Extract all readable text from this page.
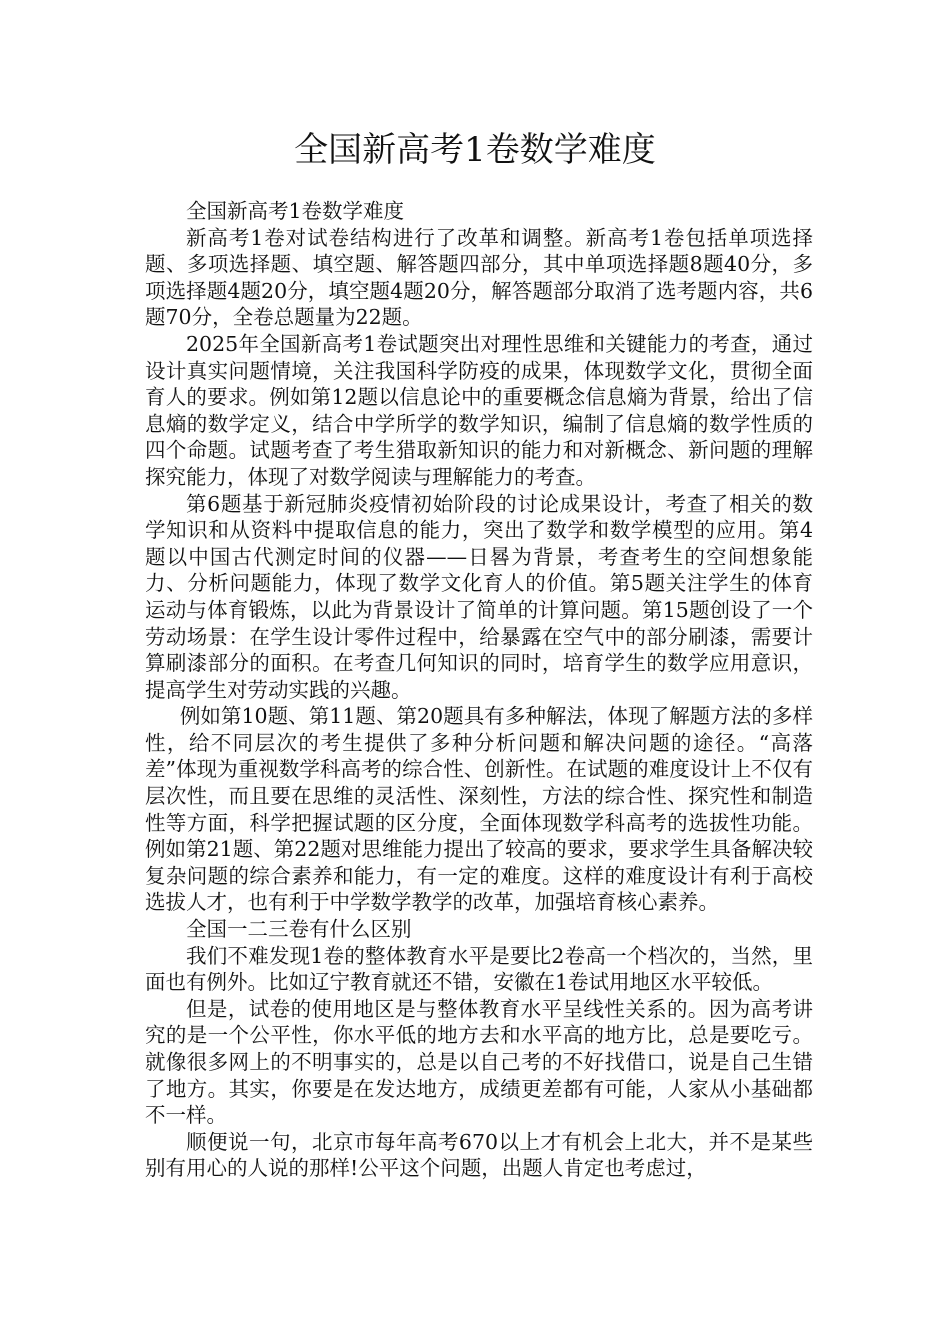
全国新高考1卷数学难度

全国新高考1卷数学难度

新高考1卷对试卷结构进行了改革和调整。新高考1卷包括单项选择题、多项选择题、填空题、解答题四部分，其中单项选择题8题40分，多项选择题4题20分，填空题4题20分，解答题部分取消了选考题内容，共6题70分，全卷总题量为22题。

2025年全国新高考1卷试题突出对理性思维和关键能力的考查，通过设计真实问题情境，关注我国科学防疫的成果，体现数学文化，贯彻全面育人的要求。例如第12题以信息论中的重要概念信息熵为背景，给出了信息熵的数学定义，结合中学所学的数学知识，编制了信息熵的数学性质的四个命题。试题考查了考生猎取新知识的能力和对新概念、新问题的理解探究能力，体现了对数学阅读与理解能力的考查。

第6题基于新冠肺炎疫情初始阶段的讨论成果设计，考查了相关的数学知识和从资料中提取信息的能力，突出了数学和数学模型的应用。第4题以中国古代测定时间的仪器——日晷为背景，考查考生的空间想象能力、分析问题能力，体现了数学文化育人的价值。第5题关注学生的体育运动与体育锻炼，以此为背景设计了简单的计算问题。第15题创设了一个劳动场景：在学生设计零件过程中，给暴露在空气中的部分刷漆，需要计算刷漆部分的面积。在考查几何知识的同时，培育学生的数学应用意识，提高学生对劳动实践的兴趣。

例如第10题、第11题、第20题具有多种解法，体现了解题方法的多样性，给不同层次的考生提供了多种分析问题和解决问题的途径。“高落差”体现为重视数学科高考的综合性、创新性。在试题的难度设计上不仅有层次性，而且要在思维的灵活性、深刻性，方法的综合性、探究性和制造性等方面，科学把握试题的区分度，全面体现数学科高考的选拔性功能。例如第21题、第22题对思维能力提出了较高的要求，要求学生具备解决较复杂问题的综合素养和能力，有一定的难度。这样的难度设计有利于高校选拔人才，也有利于中学数学教学的改革，加强培育核心素养。

全国一二三卷有什么区别

我们不难发现1卷的整体教育水平是要比2卷高一个档次的，当然，里面也有例外。比如辽宁教育就还不错，安徽在1卷试用地区水平较低。

但是，试卷的使用地区是与整体教育水平呈线性关系的。因为高考讲究的是一个公平性，你水平低的地方去和水平高的地方比，总是要吃亏。就像很多网上的不明事实的，总是以自己考的不好找借口，说是自己生错了地方。其实，你要是在发达地方，成绩更差都有可能，人家从小基础都不一样。

顺便说一句，北京市每年高考670以上才有机会上北大，并不是某些别有用心的人说的那样!公平这个问题，出题人肯定也考虑过，
